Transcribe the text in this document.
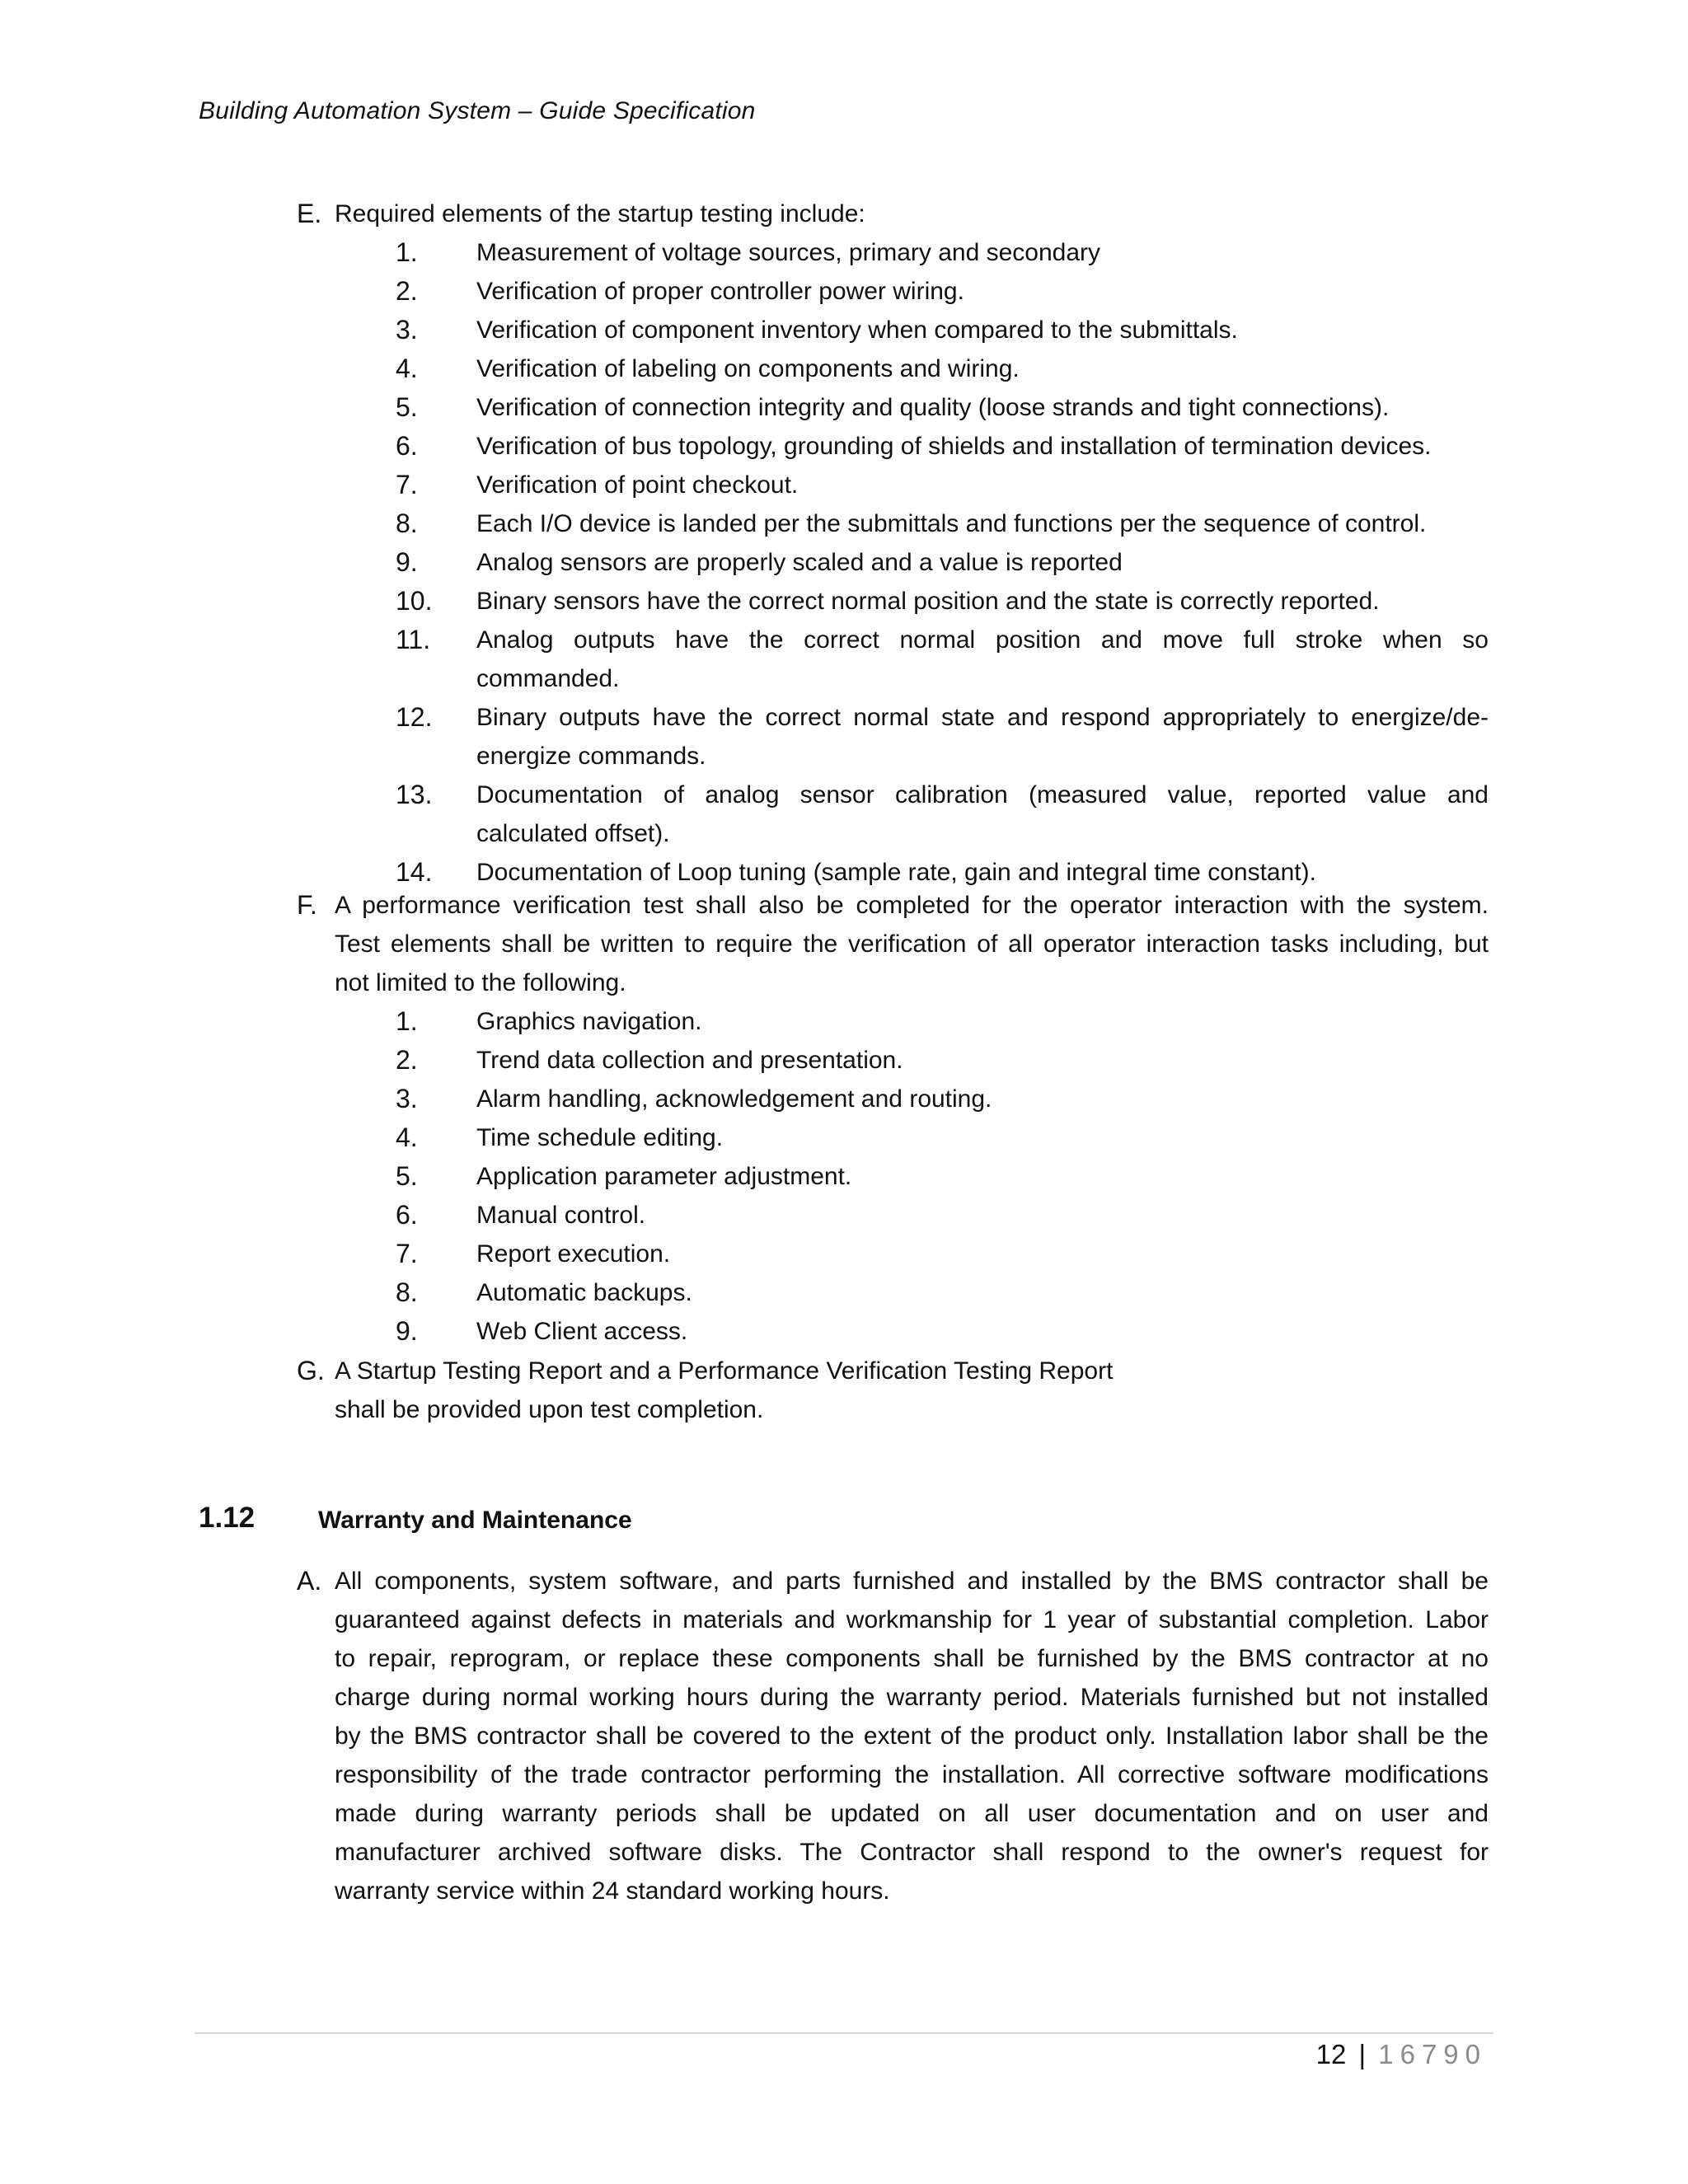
Building Automation System – Guide Specification
E. Required elements of the startup testing include:
1. Measurement of voltage sources, primary and secondary
2. Verification of proper controller power wiring.
3. Verification of component inventory when compared to the submittals.
4. Verification of labeling on components and wiring.
5. Verification of connection integrity and quality (loose strands and tight connections).
6. Verification of bus topology, grounding of shields and installation of termination devices.
7. Verification of point checkout.
8. Each I/O device is landed per the submittals and functions per the sequence of control.
9. Analog sensors are properly scaled and a value is reported
10. Binary sensors have the correct normal position and the state is correctly reported.
11. Analog outputs have the correct normal position and move full stroke when so
commanded.
12. Binary outputs have the correct normal state and respond appropriately to energize/de-
energize commands.
13. Documentation of analog sensor calibration (measured value, reported value and
calculated offset).
14. Documentation of Loop tuning (sample rate, gain and integral time constant).
F. A performance verification test shall also be completed for the operator interaction with the system.
Test elements shall be written to require the verification of all operator interaction tasks including, but
not limited to the following.
1. Graphics navigation.
2. Trend data collection and presentation.
3. Alarm handling, acknowledgement and routing.
4. Time schedule editing.
5. Application parameter adjustment.
6. Manual control.
7. Report execution.
8. Automatic backups.
9. Web Client access.
G. A Startup Testing Report and a Performance Verification Testing Report
shall be provided upon test completion.
1.12	Warranty and Maintenance
A. All components, system software, and parts furnished and installed by the BMS contractor shall be
guaranteed against defects in materials and workmanship for 1 year of substantial completion. Labor
to repair, reprogram, or replace these components shall be furnished by the BMS contractor at no
charge during normal working hours during the warranty period. Materials furnished but not installed
by the BMS contractor shall be covered to the extent of the product only. Installation labor shall be the
responsibility of the trade contractor performing the installation. All corrective software modifications
made during warranty periods shall be updated on all user documentation and on user and
manufacturer archived software disks. The Contractor shall respond to the owner's request for
warranty service within 24 standard working hours.
12 | 16790
